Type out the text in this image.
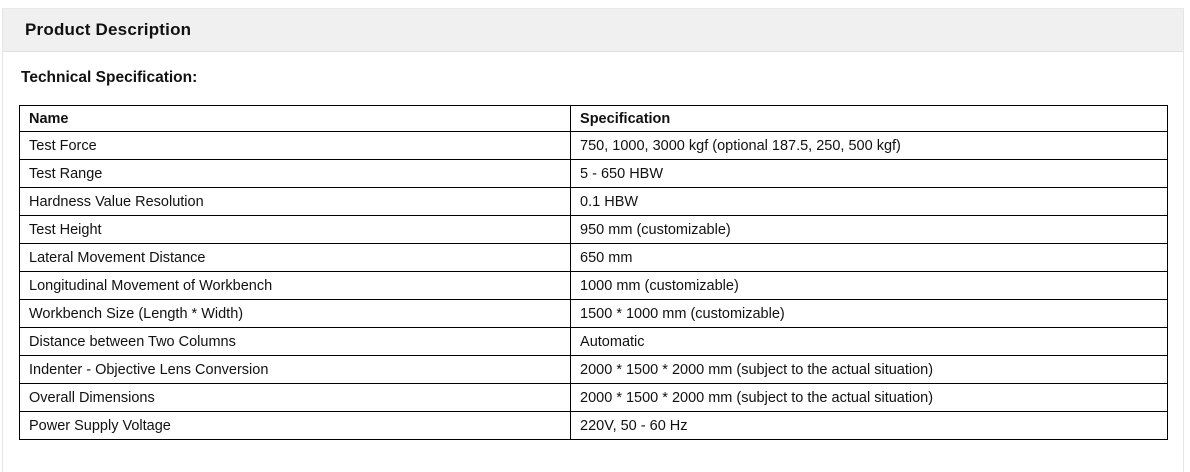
Product Description
Technical Specification:
Name	Specification
Test Force	750, 1000, 3000 kgf (optional 187.5, 250, 500 kgf)
Test Range	5 - 650 HBW
Hardness Value Resolution	0.1 HBW
Test Height	950 mm (customizable)
Lateral Movement Distance	650 mm
Longitudinal Movement of Workbench	1000 mm (customizable)
Workbench Size (Length * Width)	1500 * 1000 mm (customizable)
Distance between Two Columns	Automatic
Indenter - Objective Lens Conversion	2000 * 1500 * 2000 mm (subject to the actual situation)
Overall Dimensions	2000 * 1500 * 2000 mm (subject to the actual situation)
Power Supply Voltage	220V, 50 - 60 Hz
